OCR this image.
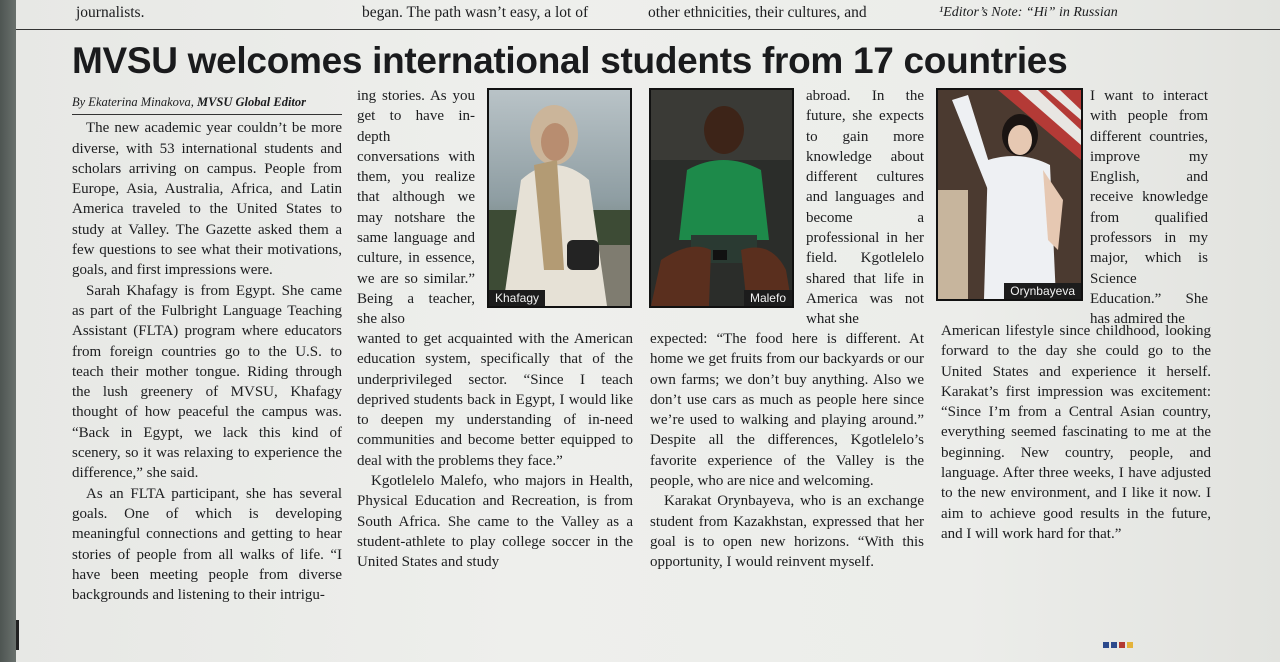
journalists.	began. The path wasn’t easy, a lot of	other ethnicities, their cultures, and	¹Editor’s Note: “Hi” in Russian
MVSU welcomes international students from 17 countries
By Ekaterina Minakova, MVSU Global Editor

The new academic year couldn’t be more diverse, with 53 international students and scholars arriving on campus. People from Europe, Asia, Australia, Africa, and Latin America traveled to the United States to study at Valley. The Gazette asked them a few questions to see what their motivations, goals, and first impressions were.

Sarah Khafagy is from Egypt. She came as part of the Fulbright Language Teaching Assistant (FLTA) program where educators from foreign countries go to the U.S. to teach their mother tongue. Riding through the lush greenery of MVSU, Khafagy thought of how peaceful the campus was. “Back in Egypt, we lack this kind of scenery, so it was relaxing to experience the difference,” she said.

As an FLTA participant, she has several goals. One of which is developing meaningful connections and getting to hear stories of people from all walks of life. “I have been meeting people from diverse backgrounds and listening to their intrigu-

ing stories. As you get to have in-depth conversations with them, you realize that although we may notshare the same language and culture, in essence, we are so similar.” Being a teacher, she also

Khafagy

wanted to get acquainted with the American education system, specifically that of the underprivileged sector. “Since I teach deprived students back in Egypt, I would like to deepen my understanding of in-need communities and become better equipped to deal with the problems they face.”

Kgotlelelo Malefo, who majors in Health, Physical Education and Recreation, is from South Africa. She came to the Valley as a student-athlete to play college soccer in the United States and study

Malefo

abroad. In the future, she expects to gain more knowledge about different cultures and languages and become a professional in her field. Kgotlelelo shared that life in America was not what she

expected: “The food here is different. At home we get fruits from our backyards or our own farms; we don’t buy anything. Also we don’t use cars as much as people here since we’re used to walking and playing around.” Despite all the differences, Kgotlelelo’s favorite experience of the Valley is the people, who are nice and welcoming.

Karakat Orynbayeva, who is an exchange student from Kazakhstan, expressed that her goal is to open new horizons. “With this opportunity, I would reinvent myself.

Orynbayeva

I want to interact with people from different countries, improve my English, and receive knowledge from qualified professors in my major, which is Science Education.” She has admired the

American lifestyle since childhood, looking forward to the day she could go to the United States and experience it herself. Karakat’s first impression was excitement: “Since I’m from a Central Asian country, everything seemed fascinating to me at the beginning. New country, people, and language. After three weeks, I have adjusted to the new environment, and I like it now. I aim to achieve good results in the future, and I will work hard for that.”
